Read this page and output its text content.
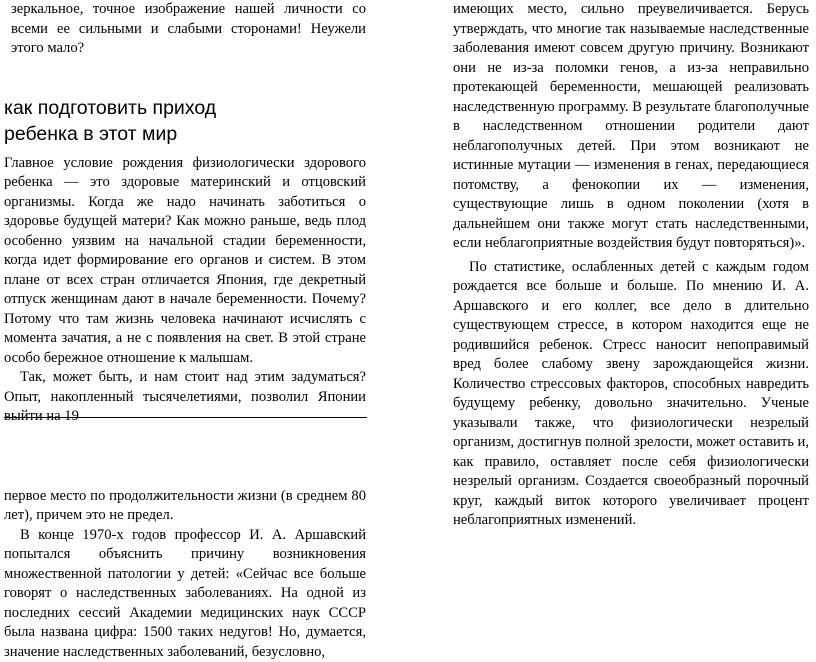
зеркальное, точное изображение нашей личности со всеми ее сильными и слабыми сторонами! Неужели этого мало?

как подготовить приход ребенка в этот мир

Главное условие рождения физиологически здорового ребенка — это здоровые материнский и отцовский организмы. Когда же надо начинать заботиться о здоровье будущей матери? Как можно раньше, ведь плод особенно уязвим на начальной стадии беременности, когда идет формирование его органов и систем. В этом плане от всех стран отличается Япония, где декретный отпуск женщинам дают в начале беременности. Почему? Потому что там жизнь человека начинают исчислять с момента зачатия, а не с появления на свет. В этой стране особо бережное отношение к малышам.

Так, может быть, и нам стоит над этим задуматься? Опыт, накопленный тысячелетиями, позволил Японии выйти на 19

первое место по продолжительности жизни (в среднем 80 лет), причем это не предел.

В конце 1970-х годов профессор И. А. Аршавский попытался объяснить причину возникновения множественной патологии у детей: «Сейчас все больше говорят о наследственных заболеваниях. На одной из последних сессий Академии медицинских наук СССР была названа цифра: 1500 таких недугов! Но, думается, значение наследственных заболеваний, безусловно,

имеющих место, сильно преувеличивается. Берусь утверждать, что многие так называемые наследственные заболевания имеют совсем другую причину. Возникают они не из-за поломки генов, а из-за неправильно протекающей беременности, мешающей реализовать наследственную программу. В результате благополучные в наследственном отношении родители дают неблагополучных детей. При этом возникают не истинные мутации — изменения в генах, передающиеся потомству, а фенокопии их — изменения, существующие лишь в одном поколении (хотя в дальнейшем они также могут стать наследственными, если неблагоприятные воздействия будут повторяться)».

По статистике, ослабленных детей с каждым годом рождается все больше и больше. По мнению И. А. Аршавского и его коллег, все дело в длительно существующем стрессе, в котором находится еще не родившийся ребенок. Стресс наносит непоправимый вред более слабому звену зарождающейся жизни. Количество стрессовых факторов, способных навредить будущему ребенку, довольно значительно. Ученые указывали также, что физиологически незрелый организм, достигнув полной зрелости, может оставить и, как правило, оставляет после себя физиологически незрелый организм. Создается своеобразный порочный круг, каждый виток которого увеличивает процент неблагоприятных изменений.
